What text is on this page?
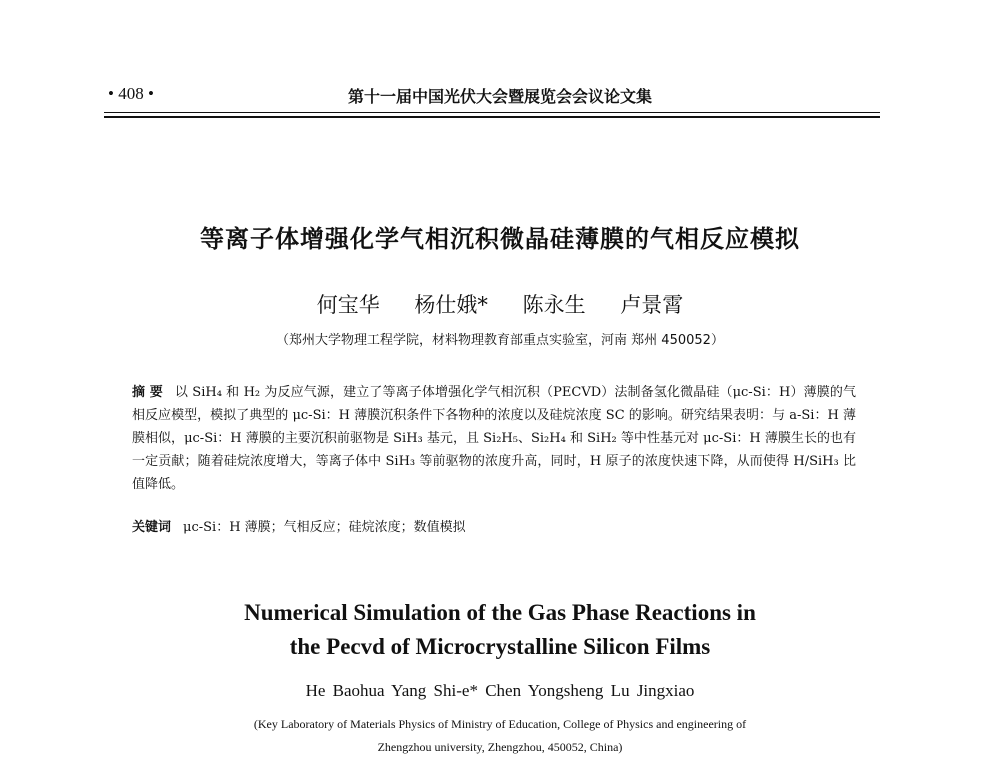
• 408 •	第十一届中国光伏大会暨展览会会议论文集
等离子体增强化学气相沉积微晶硅薄膜的气相反应模拟
何宝华 杨仕娥* 陈永生 卢景霄
（郑州大学物理工程学院，材料物理教育部重点实验室，河南 郑州 450052）
摘 要 以 SiH₄ 和 H₂ 为反应气源，建立了等离子体增强化学气相沉积（PECVD）法制备氢化微晶硅（μc-Si：H）薄膜的气相反应模型，模拟了典型的 μc-Si：H 薄膜沉积条件下各物种的浓度以及硅烷浓度 SC 的影响。研究结果表明：与 a-Si：H 薄膜相似，μc-Si：H 薄膜的主要沉积前驱物是 SiH₃ 基元，且 Si₂H₅、Si₂H₄ 和 SiH₂ 等中性基元对 μc-Si：H 薄膜生长的也有一定贡献；随着硅烷浓度增大，等离子体中 SiH₃ 等前驱物的浓度升高，同时，H 原子的浓度快速下降，从而使得 H/SiH₃ 比值降低。
关键词 μc-Si：H 薄膜；气相反应；硅烷浓度；数值模拟
Numerical Simulation of the Gas Phase Reactions in
the Pecvd of Microcrystalline Silicon Films
He Baohua Yang Shi-e* Chen Yongsheng Lu Jingxiao
(Key Laboratory of Materials Physics of Ministry of Education, College of Physics and engineering of
Zhengzhou university, Zhengzhou, 450052, China)
